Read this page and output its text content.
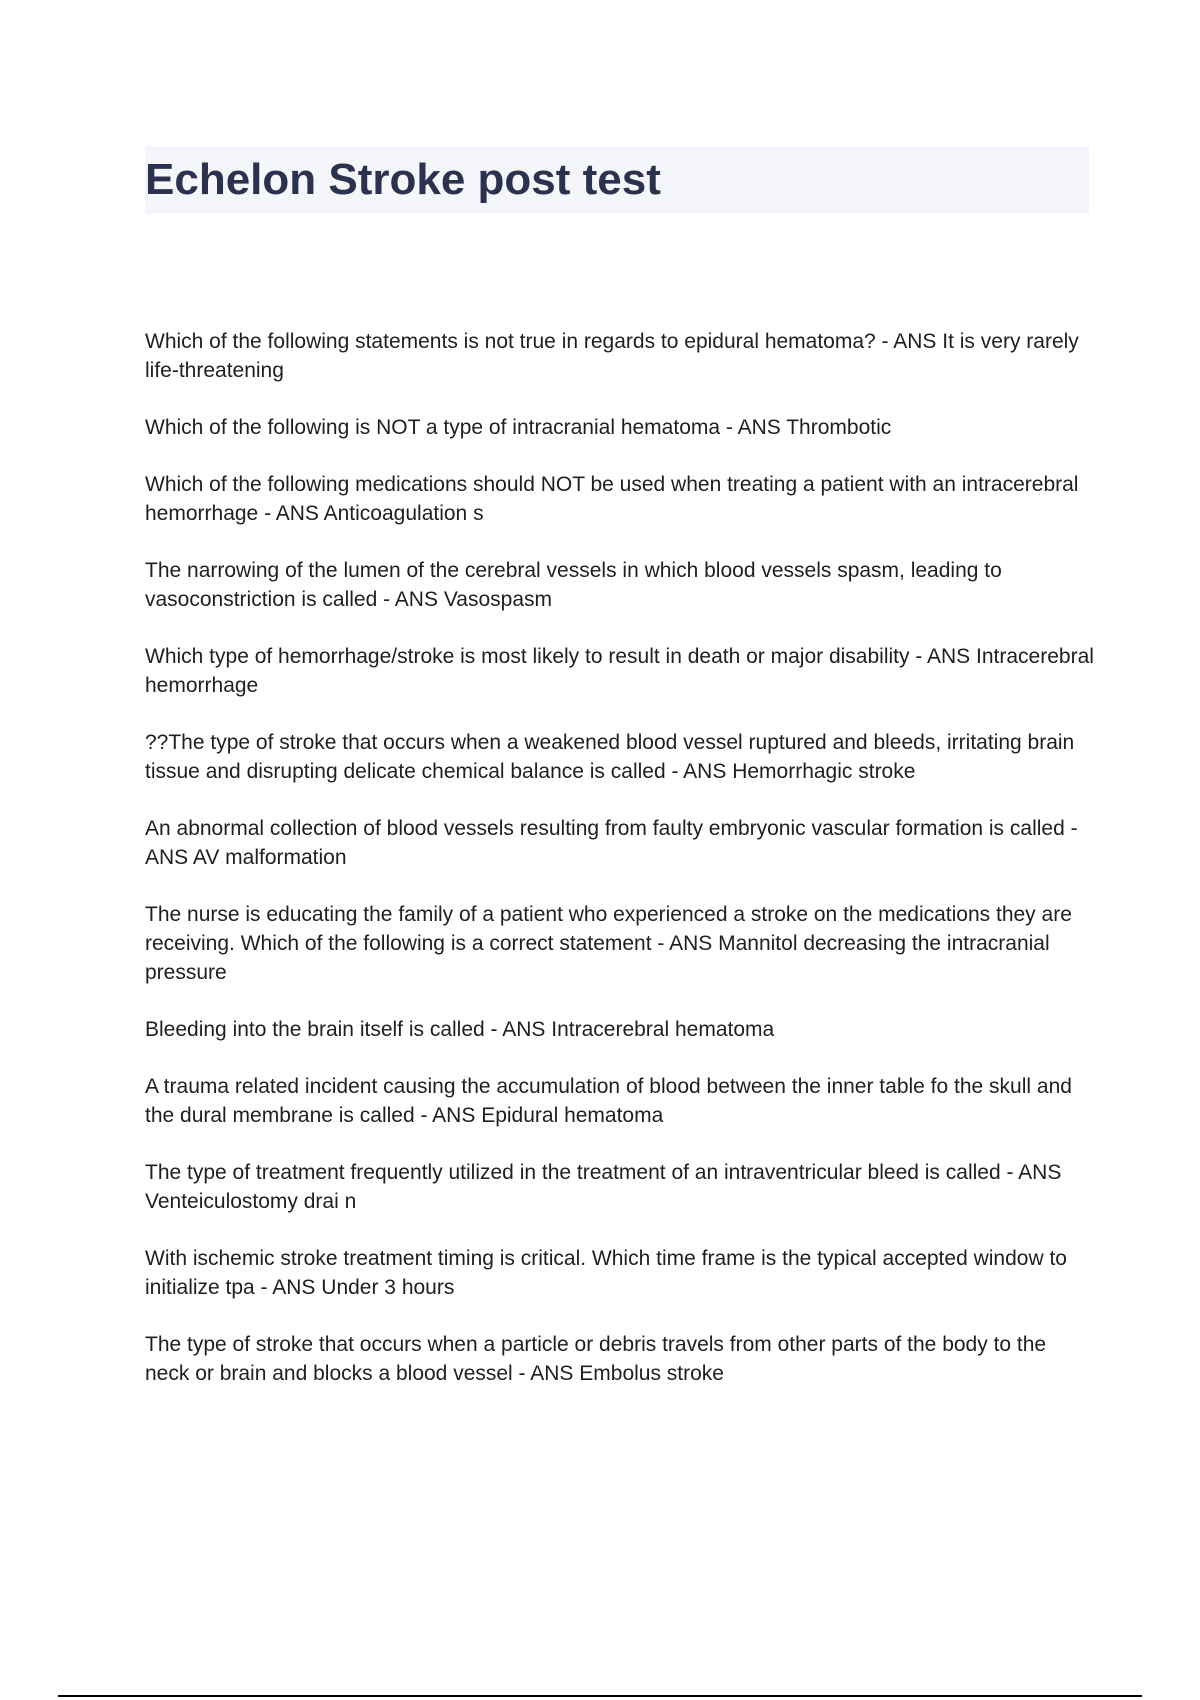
Echelon Stroke post test

Which of the following statements is not true in regards to epidural hematoma? - ANS It is very rarely life-threatening

Which of the following is NOT a type of intracranial hematoma - ANS Thrombotic

Which of the following medications should NOT be used when treating a patient with an intracerebral hemorrhage - ANS Anticoagulation s

The narrowing of the lumen of the cerebral vessels in which blood vessels spasm, leading to vasoconstriction is called - ANS Vasospasm

Which type of hemorrhage/stroke is most likely to result in death or major disability - ANS Intracerebral hemorrhage

??The type of stroke that occurs when a weakened blood vessel ruptured and bleeds, irritating brain tissue and disrupting delicate chemical balance is called - ANS Hemorrhagic stroke

An abnormal collection of blood vessels resulting from faulty embryonic vascular formation is called - ANS AV malformation

The nurse is educating the family of a patient who experienced a stroke on the medications they are receiving. Which of the following is a correct statement - ANS Mannitol decreasing the intracranial pressure

Bleeding into the brain itself is called - ANS Intracerebral hematoma

A trauma related incident causing the accumulation of blood between the inner table fo the skull and the dural membrane is called - ANS Epidural hematoma

The type of treatment frequently utilized in the treatment of an intraventricular bleed is called - ANS Venteiculostomy drai n

With ischemic stroke treatment timing is critical. Which time frame is the typical accepted window to initialize tpa - ANS Under 3 hours

The type of stroke that occurs when a particle or debris travels from other parts of the body to the neck or brain and blocks a blood vessel - ANS Embolus stroke
